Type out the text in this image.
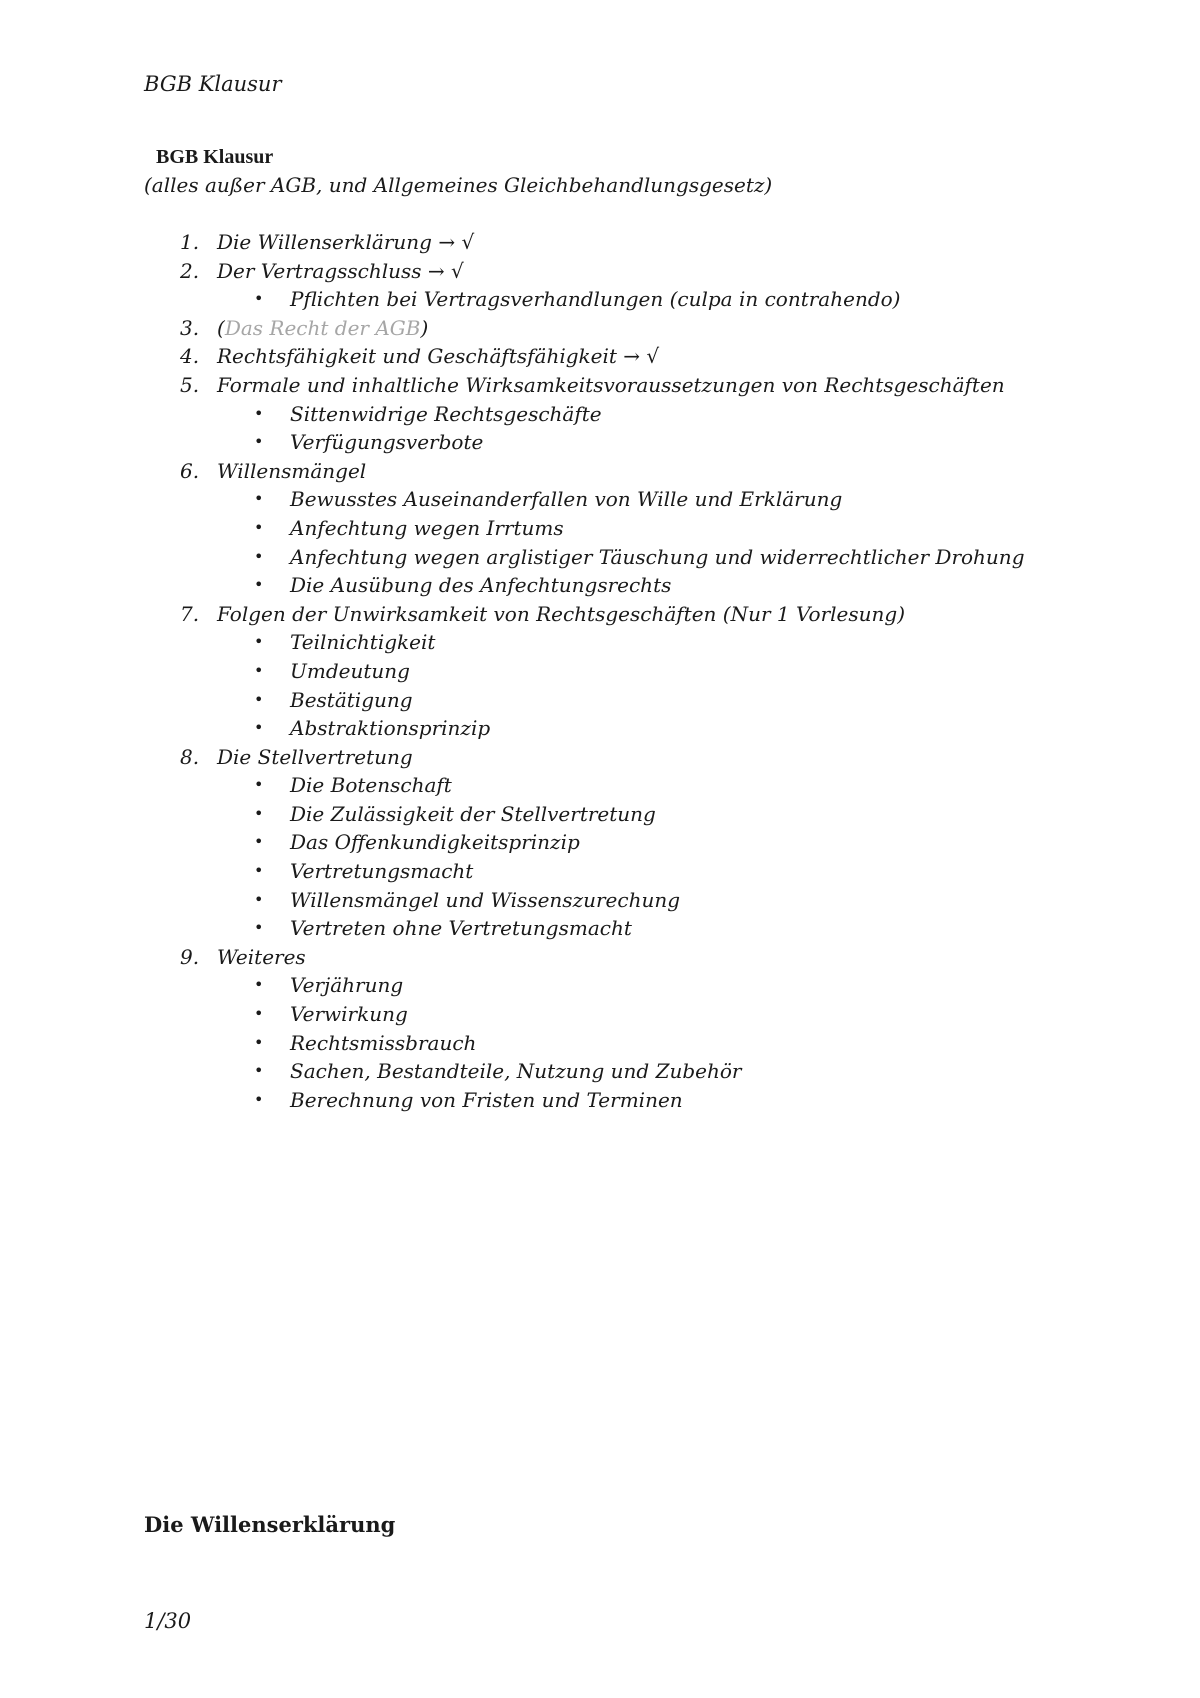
BGB Klausur
BGB Klausur
(alles außer AGB, und Allgemeines Gleichbehandlungsgesetz)
1. Die Willenserklärung → √
2. Der Vertragsschluss → √
• Pflichten bei Vertragsverhandlungen (culpa in contrahendo)
3. (Das Recht der AGB)
4. Rechtsfähigkeit und Geschäftsfähigkeit → √
5. Formale und inhaltliche Wirksamkeitsvoraussetzungen von Rechtsgeschäften
• Sittenwidrige Rechtsgeschäfte
• Verfügungsverbote
6. Willensmängel
• Bewusstes Auseinanderfallen von Wille und Erklärung
• Anfechtung wegen Irrtums
• Anfechtung wegen arglistiger Täuschung und widerrechtlicher Drohung
• Die Ausübung des Anfechtungsrechts
7. Folgen der Unwirksamkeit von Rechtsgeschäften (Nur 1 Vorlesung)
• Teilnichtigkeit
• Umdeutung
• Bestätigung
• Abstraktionsprinzip
8. Die Stellvertretung
• Die Botenschaft
• Die Zulässigkeit der Stellvertretung
• Das Offenkundigkeitsprinzip
• Vertretungsmacht
• Willensmängel und Wissenszurechung
• Vertreten ohne Vertretungsmacht
9. Weiteres
• Verjährung
• Verwirkung
• Rechtsmissbrauch
• Sachen, Bestandteile, Nutzung und Zubehör
• Berechnung von Fristen und Terminen
Die Willenserklärung
1/30
